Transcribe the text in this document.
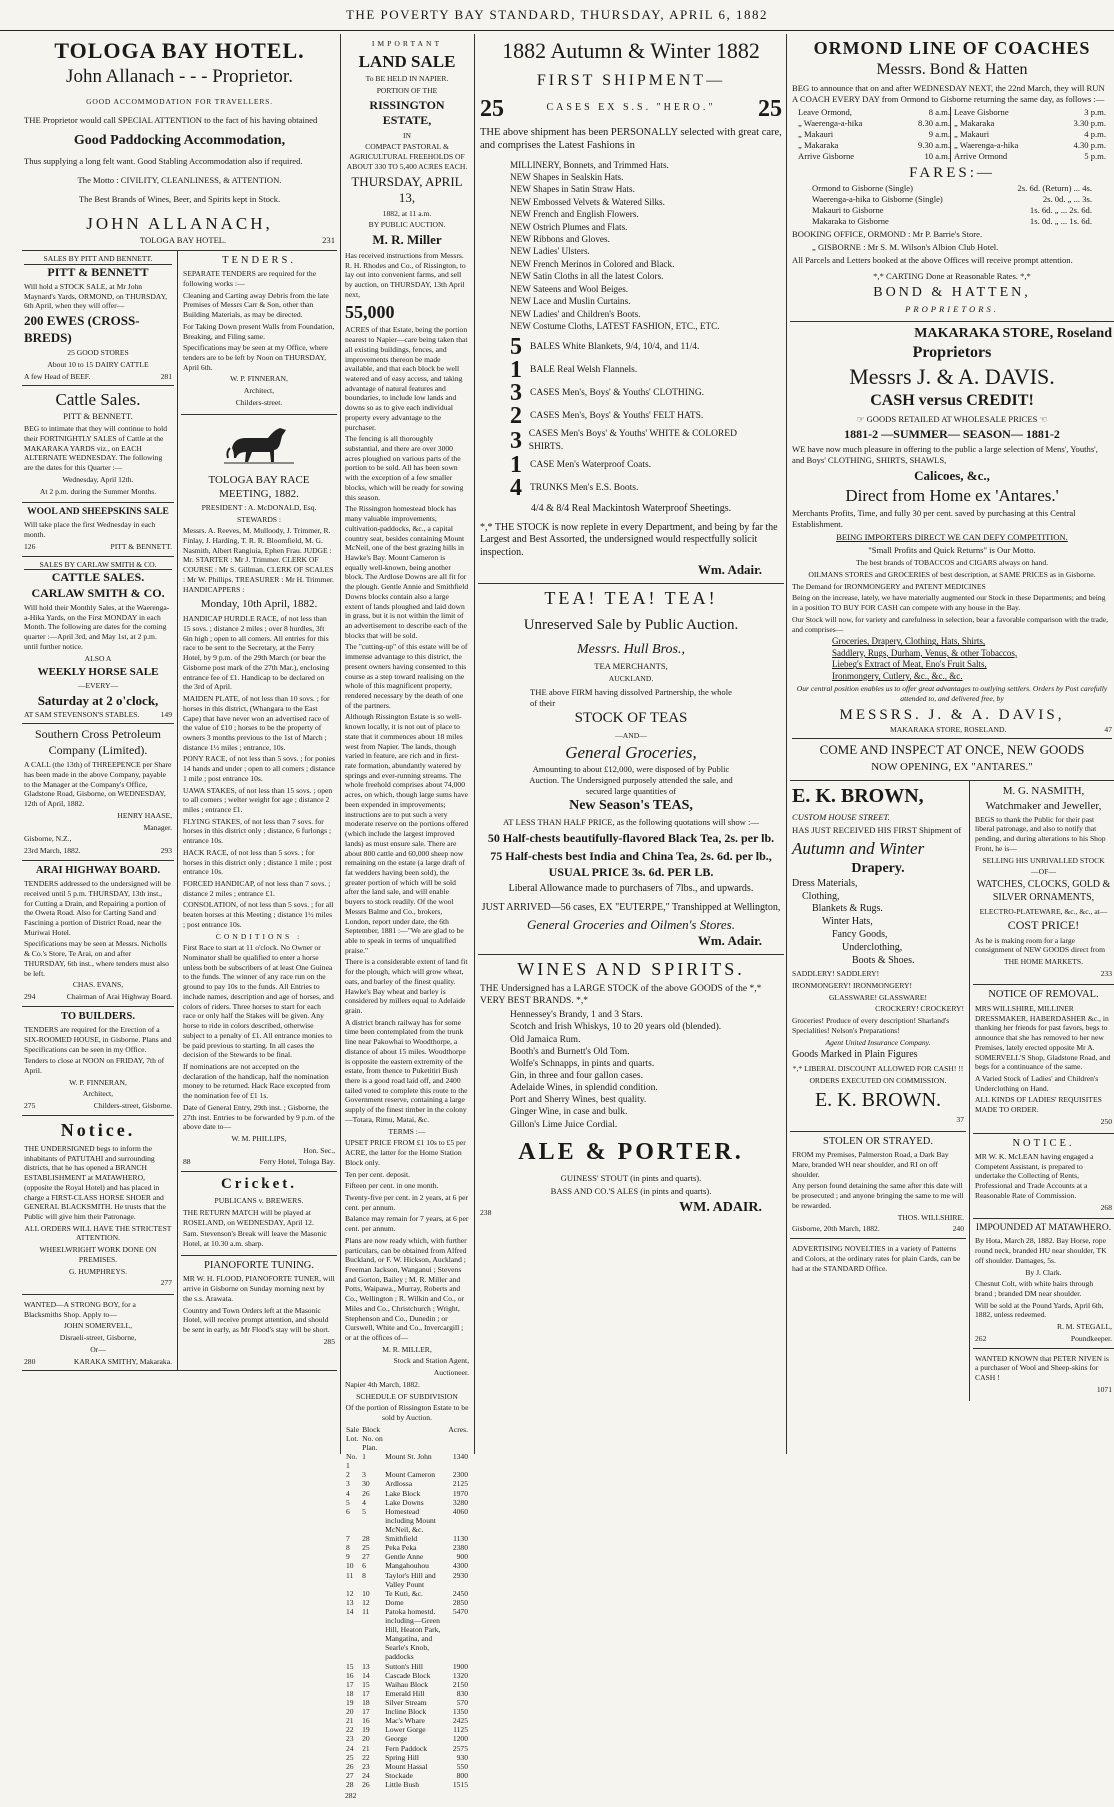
THE POVERTY BAY STANDARD, THURSDAY, APRIL 6, 1882
TOLOGA BAY HOTEL.
John Allanach - - - Proprietor.

GOOD ACCOMMODATION FOR TRAVELLERS.

THE Proprietor would call SPECIAL ATTENTION to the fact of his having obtained

Good Paddocking Accommodation,

Thus supplying a long felt want. Good Stabling Accommodation also if required.

The Motto : CIVILITY, CLEANLINESS, & ATTENTION.

The Best Brands of Wines, Beer, and Spirits kept in Stock.

JOHN ALLANACH,
TOLOGA BAY HOTEL.	231
SALES BY PITT AND BENNETT.
PITT & BENNETT

Will hold a STOCK SALE, at Mr John Maynard's Yards, ORMOND, on THURSDAY, 6th April, when they will offer—

200 EWES (CROSS-BREDS)

25 GOOD STORES

About 10 to 15 DAIRY CATTLE

A few Head of BEEF.	281
Cattle Sales.
PITT & BENNETT.

BEG to intimate that they will continue to hold their FORTNIGHTLY SALES of Cattle at the MAKARAKA YARDS viz., on EACH ALTERNATE WEDNESDAY. The following are the dates for this Quarter :—

Wednesday, April 12th.

At 2 p.m. during the Summer Months.

WOOL AND SHEEPSKINS SALE

Will take place the first Wednesday in each month.

126	PITT & BENNETT.
SALES BY CARLAW SMITH & CO.
CATTLE SALES.
CARLAW SMITH & CO.

Will hold their Monthly Sales, at the Waerenga-a-Hika Yards, on the First MONDAY in each Month. The following are dates for the coming quarter :—April 3rd, and May 1st, at 2 p.m. until further notice.

ALSO A

WEEKLY HORSE SALE

—EVERY—

Saturday at 2 o'clock,
AT SAM STEVENSON'S STABLES.	149
Southern Cross Petroleum Company (Limited).

A CALL (the 13th) of THREEPENCE per Share has been made in the above Company, payable to the Manager at the Company's Office, Gladstone Road, Gisborne, on WEDNESDAY, 12th of April, 1882.

HENRY HAASE,

Manager.

Gisborne, N.Z.,

23rd March, 1882.	293
ARAI HIGHWAY BOARD.

TENDERS addressed to the undersigned will be received until 5 p.m. THURSDAY, 13th inst., for Cutting a Drain, and Repairing a portion of the Oweta Road. Also for Carting Sand and Fascining a portion of District Road, near the Muriwai Hotel.

Specifications may be seen at Messrs. Nicholls & Co.'s Store, Te Arai, on and after THURSDAY, 6th inst., where tenders must also be left.

CHAS. EVANS,

294	Chairman of Arai Highway Board.
TO BUILDERS.

TENDERS are required for the Erection of a SIX-ROOMED HOUSE, in Gisborne. Plans and Specifications can be seen in my Office.

Tenders to close at NOON on FRIDAY, 7th of April.

W. P. FINNERAN,

Architect,

275	Childers-street, Gisborne.
Notice.

THE UNDERSIGNED begs to inform the inhabitants of PATUTAHI and surrounding districts, that he has opened a BRANCH ESTABLISHMENT at MATAWHERO, (opposite the Royal Hotel) and has placed in charge a FIRST-CLASS HORSE SHOER and GENERAL BLACKSMITH. He trusts that the Public will give him their Patronage.

ALL ORDERS WILL HAVE THE STRICTEST ATTENTION.

WHEELWRIGHT WORK DONE ON PREMISES.

G. HUMPHREYS.

277

WANTED—A STRONG BOY, for a Blacksmiths Shop. Apply to—

JOHN SOMERVELL,

Disraeli-street, Gisborne,

Or—

280	KARAKA SMITHY, Makaraka.
TENDERS.

SEPARATE TENDERS are required for the following works :—

Cleaning and Carting away Debris from the late Premises of Messrs Carr & Son, other than Building Materials, as may be directed.

For Taking Down present Walls from Foundation, Breaking, and Filing same.

Specifications may be seen at my Office, where tenders are to be left by Noon on THURSDAY, April 6th.

W. P. FINNERAN,

Architect,

Childers-street.

TOLOGA BAY RACE MEETING, 1882.

PRESIDENT : A. McDONALD, Esq.

STEWARDS :

Messrs. A. Reeves, M. Mulloody, J. Trimmer, R. Finlay, J. Harding, T. R. R. Bloomfield, M. G. Nasmith, Albert Rangiuia, Ephen Frau. JUDGE : Mr. STARTER : Mr J. Trimmer. CLERK OF COURSE : Mr S. Gillman. CLERK OF SCALES : Mr W. Phillips. TREASURER : Mr H. Trimmer. HANDICAPPERS :

Monday, 10th April, 1882.

HANDICAP HURDLE RACE, of not less than 15 sovs. ; distance 2 miles ; over 8 hurdles, 3ft 6in high ; open to all comers. All entries for this race to be sent to the Secretary, at the Ferry Hotel, by 9 p.m. of the 29th March (or bear the Gisborne post mark of the 27th Mar.), enclosing entrance fee of £1. Handicap to be declared on the 3rd of April.

MAIDEN PLATE, of not less than 10 sovs. ; for horses in this district, (Whangara to the East Cape) that have never won an advertised race of the value of £10 ; horses to be the property of owners 3 months previous to the 1st of March ; distance 1½ miles ; entrance, 10s.

PONY RACE, of not less than 5 sovs. ; for ponies 14 hands and under ; open to all comers ; distance 1 mile ; post entrance 10s.

UAWA STAKES, of not less than 15 sovs. ; open to all comers ; welter weight for age ; distance 2 miles ; entrance £1.

FLYING STAKES, of not less than 7 sovs. for horses in this district only ; distance, 6 furlongs ; entrance 10s.

HACK RACE, of not less than 5 sovs. ; for horses in this district only ; distance 1 mile ; post entrance 10s.

FORCED HANDICAP, of not less than 7 sovs. ; distance 2 miles ; entrance £1.

CONSOLATION, of not less than 5 sovs. ; for all beaten horses at this Meeting ; distance 1½ miles ; post entrance 10s.

CONDITIONS :

First Race to start at 11 o'clock. No Owner or Nominator shall be qualified to enter a horse unless both be subscribers of at least One Guinea to the funds. The winner of any race run on the ground to pay 10s to the funds. All Entries to include names, description and age of horses, and colors of riders. Three horses to start for each race or only half the Stakes will be given. Any horse to ride in colors described, otherwise subject to a penalty of £1. All entrance monies to be paid previous to starting. In all cases the decision of the Stewards to be final.

If nominations are not accepted on the declaration of the handicap, half the nomination money to be returned. Hack Race excepted from the nomination fee of £1 1s.

Date of General Entry, 29th inst. ; Gisborne, the 27th inst. Entries to be forwarded by 9 p.m. of the above date to—

W. M. PHILLIPS,

Hon. Sec.,

88	Ferry Hotel, Tologa Bay.
Cricket.

PUBLICANS v. BREWERS.

THE RETURN MATCH will be played at ROSELAND, on WEDNESDAY, April 12.

Sam. Stevenson's Break will leave the Masonic Hotel, at 10.30 a.m. sharp.

PIANOFORTE TUNING.

MR W. H. FLOOD, PIANOFORTE TUNER, will arrive in Gisborne on Sunday morning next by the s.s. Arawata.

Country and Town Orders left at the Masonic Hotel, will receive prompt attention, and should be sent in early, as Mr Flood's stay will be short.

285

IMPORTANT

LAND SALE

To BE HELD IN NAPIER.

PORTION OF THE

RISSINGTON ESTATE,

IN

COMPACT PASTORAL & AGRICULTURAL FREEHOLDS OF ABOUT 330 TO 5,400 ACRES EACH.

THURSDAY, APRIL 13,

1882, at 11 a.m.

BY PUBLIC AUCTION.

M. R. Miller

Has received instructions from Messrs. R. H. Rhodes and Co., of Rissington, to lay out into convenient farms, and sell by auction, on THURSDAY, 13th April next,

55,000

ACRES of that Estate, being the portion nearest to Napier—care being taken that all existing buildings, fences, and improvements thereon be made available, and that each block be well watered and of easy access, and taking advantage of natural features and boundaries, to include low lands and downs so as to give each individual property every advantage to the purchaser.

The fencing is all thoroughly substantial, and there are over 3000 acres ploughed on various parts of the portion to be sold. All has been sown with the exception of a few smaller blocks, which will be ready for sowing this season.

The Rissington homestead block has many valuable improvements, cultivation-paddocks, &c., a capital country seat, besides containing Mount McNeil, one of the best grazing hills in Hawke's Bay. Mount Cameron is equally well-known, being another block. The Ardlose Downs are all fit for the plough. Gentle Annie and Smithfield Downs blocks contain also a large extent of lands ploughed and laid down in grass, but it is not within the limit of an advertisement to describe each of the blocks that will be sold.

The "cutting-up" of this estate will be of immense advantage to this district, the present owners having consented to this course as a step toward realising on the whole of this magnificent property, rendered necessary by the death of one of the partners.

Although Rissington Estate is so well-known locally, it is not out of place to state that it commences about 18 miles west from Napier. The lands, though varied in feature, are rich and in first-rate formation, abundantly watered by springs and ever-running streams. The whole freehold comprises about 74,000 acres, on which, though large sums have been expended in improvements; instructions are to put such a very moderate reserve on the portions offered (which include the largest improved lands) as must ensure sale. There are about 800 cattle and 60,000 sheep now remaining on the estate (a large draft of fat wedders having been sold), the greater portion of which will be sold after the land sale, and will enable buyers to stock readily. Of the wool Messrs Balme and Co., brokers, London, report under date, the 6th September, 1881 :—"We are glad to be able to speak in terms of unqualified praise."

There is a considerable extent of land fit for the plough, which will grow wheat, oats, and barley of the finest quality. Hawke's Bay wheat and barley is considered by millers equal to Adelaide grain.

A district branch railway has for some time been contemplated from the trunk line near Pakowhai to Woodthorpe, a distance of about 15 miles. Woodthorpe is opposite the eastern extremity of the estate, from thence to Puketitiri Bush there is a good road laid off, and 2400 tailed voted to complete this route to the Government reserve, containing a large supply of the finest timber in the colony—Totara, Rimu, Matai, &c.

TERMS :—

UPSET PRICE FROM £1 10s to £5 per ACRE, the latter for the Home Station Block only.

Ten per cent. deposit.

Fifteen per cent. in one month.

Twenty-five per cent. in 2 years, at 6 per cent. per annum.

Balance may remain for 7 years, at 6 per cent. per annum.

Plans are now ready which, with further particulars, can be obtained from Alfred Buckland, or F. W. Hickson, Auckland ; Freeman Jackson, Wanganui ; Stevens and Gorton, Bailey ; M. R. Miller and Potts, Waipawa., Murray, Roberts and Co., Wellington ; R. Wilkin and Co., or Miles and Co., Christchurch ; Wright, Stephenson and Co., Dunedin ; or Curswell, White and Co., Invercargill ; or at the offices of—

M. R. MILLER,

Stock and Station Agent,

Auctioneer.

Napier 4th March, 1882.

SCHEDULE OF SUBDIVISION

Of the portion of Rissington Estate to be sold by Auction.

Sale Lot.	Block No. on Plan.		Acres.
No. 1	1	Mount St. John	1340
2	3	Mount Cameron	2300
3	30	Ardlossa	2125
4	26	Lake Block	1970
5	4	Lake Downs	3280
6	5	Homestead including Mount McNeil, &c.	4060
7	28	Smithfield	1130
8	25	Peka Peka	2380
9	27	Gentle Anne	900
10	6	Mangahouhou	4300
11	8	Taylor's Hill and Valley Pount	2930
12	10	Te Kuti, &c.	2450
13	12	Dome	2850
14	11	Patoka homestd. including—Green Hill, Heaton Park, Mangatina, and Searle's Knob, paddocks	5470
15	13	Sutton's Hill	1900
16	14	Cascade Block	1320
17	15	Waihau Block	2150
18	17	Emerald Hill	830
19	18	Silver Stream	570
20	17	Incline Block	1350
21	16	Mac's Whare	2425
22	19	Lower Gorge	1125
23	20	George	1200
24	21	Fern Paddock	2575
25	22	Spring Hill	930
26	23	Mount Hassal	550
27	24	Stockade	800
28	26	Little Bush	1515

282

1882 Autumn & Winter 1882
FIRST SHIPMENT—
25	CASES EX S.S. "HERO." 25

THE above shipment has been PERSONALLY selected with great care, and comprises the Latest Fashions in

MILLINERY, Bonnets, and Trimmed Hats.
NEW Shapes in Sealskin Hats.
NEW Shapes in Satin Straw Hats.
NEW Embossed Velvets & Watered Silks.
NEW French and English Flowers.
NEW Ostrich Plumes and Flats.
NEW Ribbons and Gloves.
NEW Ladies' Ulsters.
NEW French Merinos in Colored and Black.
NEW Satin Cloths in all the latest Colors.
NEW Sateens and Wool Beiges.
NEW Lace and Muslin Curtains.
NEW Ladies' and Children's Boots.
NEW Costume Cloths, LATEST FASHION, ETC., ETC.
5 BALES White Blankets, 9/4, 10/4, and 11/4.
1 BALE Real Welsh Flannels.
3 CASES Men's, Boys' & Youths' CLOTHING.
2 CASES Men's, Boys' & Youths' FELT HATS.
3 CASES Men's Boys' & Youths' WHITE & COLORED SHIRTS.
1 CASE Men's Waterproof Coats.
4 TRUNKS Men's E.S. Boots.

4/4 & 8/4 Real Mackintosh Waterproof Sheetings.

*,* THE STOCK is now replete in every Department, and being by far the Largest and Best Assorted, the undersigned would respectfully solicit inspection.

Wm. Adair.
TEA! TEA! TEA!
Unreserved Sale by Public Auction.
Messrs. Hull Bros.,

TEA MERCHANTS,

AUCKLAND.

THE above FIRM having dissolved Partnership, the whole of their

STOCK OF TEAS

—AND—

General Groceries,

Amounting to about £12,000, were disposed of by Public Auction. The Undersigned purposely attended the sale, and secured large quantities of

New Season's TEAS,

AT LESS THAN HALF PRICE, as the following quotations will show :—

50 Half-chests beautifully-flavored Black Tea, 2s. per lb.
75 Half-chests best India and China Tea, 2s. 6d. per lb., USUAL PRICE 3s. 6d. PER LB.

Liberal Allowance made to purchasers of 7lbs., and upwards.

JUST ARRIVED—56 cases, EX "EUTERPE," Transhipped at Wellington,

General Groceries and Oilmen's Stores.
Wm. Adair.
WINES AND SPIRITS.

THE Undersigned has a LARGE STOCK of the above GOODS of the *,* VERY BEST BRANDS. *,*

Hennessey's Brandy, 1 and 3 Stars.
Scotch and Irish Whiskys, 10 to 20 years old (blended).
Old Jamaica Rum.
Booth's and Burnett's Old Tom.
Wolfe's Schnapps, in pints and quarts.
Gin, in three and four gallon cases.
Adelaide Wines, in splendid condition.
Port and Sherry Wines, best quality.
Ginger Wine, in case and bulk.
Gillon's Lime Juice Cordial.
ALE & PORTER.

GUINESS' STOUT (in pints and quarts).

BASS AND CO.'S ALES (in pints and quarts).

238	WM. ADAIR.
ORMOND LINE OF COACHES
Messrs. Bond & Hatten

BEG to announce that on and after WEDNESDAY NEXT, the 22nd March, they will RUN A COACH EVERY DAY from Ormond to Gisborne returning the same day, as follows :—

Leave Ormond,	8 a.m.
„ Waerenga-a-hika	8.30 a.m.
„ Makauri	9 a.m.
„ Makaraka	9.30 a.m.
Arrive Gisborne	10 a.m.
Leave Gisborne	3 p.m.
„ Makaraka	3.30 p.m.
„ Makauri	4 p.m.
„ Waerenga-a-hika	4.30 p.m.
Arrive Ormond	5 p.m.
FARES:—
Ormond to Gisborne (Single)	2s. 6d. (Return) ... 4s.
Waerenga-a-hika to Gisborne (Single)	2s. 0d. „ ... 3s.
Makauri to Gisborne	1s. 6d. „ ... 2s. 6d.
Makaraka to Gisborne	1s. 0d. „ ... 1s. 6d.

BOOKING OFFICE, ORMOND : Mr P. Barrie's Store.

„ GISBORNE : Mr S. M. Wilson's Albion Club Hotel.

All Parcels and Letters booked at the above Offices will receive prompt attention.

*,* CARTING Done at Reasonable Rates. *,*

BOND & HATTEN,

PROPRIETORS.

MAKARAKA STORE, Roseland
Proprietors
Messrs J. & A. DAVIS.
CASH versus CREDIT!

☞ GOODS RETAILED AT WHOLESALE PRICES ☜

1881-2 —SUMMER— SEASON— 1881-2

WE have now much pleasure in offering to the public a large selection of Mens', Youths', and Boys' CLOTHING, SHIRTS, SHAWLS,

Calicoes, &c.,
Direct from Home ex 'Antares.'

Merchants Profits, Time, and fully 30 per cent. saved by purchasing at this Central Establishment.

BEING IMPORTERS DIRECT WE CAN DEFY COMPETITION.

"Small Profits and Quick Returns" is Our Motto.

The best brands of TOBACCOS and CIGARS always on hand.

OILMANS STORES and GROCERIES of best description, at SAME PRICES as in Gisborne.

The Demand for IRONMONGERY and PATENT MEDICINES

Being on the increase, lately, we have materially augmented our Stock in these Departments; and being in a position TO BUY FOR CASH can compete with any house in the Bay.

Our Stock will now, for variety and carefulness in selection, bear a favorable comparison with the trade, and comprises—

Groceries, Drapery, Clothing, Hats, Shirts,
Saddlery, Rugs, Durham, Venus, & other Tobaccos,
Liebeg's Extract of Meat, Eno's Fruit Salts,
Ironmongery, Cutlery, &c., &c., &c.

Our central position enables us to offer great advantages to outlying settlers. Orders by Post carefully attended to, and delivered free, by

MESSRS. J. & A. DAVIS,
MAKARAKA STORE, ROSELAND.	47
COME AND INSPECT AT ONCE, NEW GOODS

NOW OPENING, EX "ANTARES."

E. K. BROWN,

CUSTOM HOUSE STREET.

HAS JUST RECEIVED HIS FIRST Shipment of

Autumn and Winter
Drapery.
Dress Materials,
Clothing,
Blankets & Rugs.
Winter Hats,
Fancy Goods,
Underclothing,
Boots & Shoes.

SADDLERY! SADDLERY!

IRONMONGERY! IRONMONGERY!

GLASSWARE! GLASSWARE!

CROCKERY! CROCKERY!

Groceries! Produce of every description! Sharland's Specialities! Nelson's Preparations!

Agent United Insurance Company.

Goods Marked in Plain Figures

*,* LIBERAL DISCOUNT ALLOWED FOR CASH! !!

ORDERS EXECUTED ON COMMISSION.

E. K. BROWN.

37

STOLEN OR STRAYED.

FROM my Premises, Palmerston Road, a Dark Bay Mare, branded WH near shoulder, and RI on off shoulder.

Any person found detaining the same after this date will be prosecuted ; and anyone bringing the same to me will be rewarded.

THOS. WILLSHIRE.

Gisborne, 20th March, 1882.	240

ADVERTISING NOVELTIES in a variety of Patterns and Colors, at the ordinary rates for plain Cards, can be had at the STANDARD Office.

M. G. NASMITH,
Watchmaker and Jeweller,

BEGS to thank the Public for their past liberal patronage, and also to notify that pending, and during alterations to his Shop Front, he is—

SELLING HIS UNRIVALLED STOCK

—OF—

WATCHES, CLOCKS, GOLD & SILVER ORNAMENTS,

ELECTRO-PLATEWARE, &c., &c., at—

COST PRICE!

As he is making room for a large consignment of NEW GOODS direct from

THE HOME MARKETS.

233

NOTICE OF REMOVAL.

MRS WILLSHIRE, MILLINER DRESSMAKER, HABERDASHER &c., in thanking her friends for past favors, begs to announce that she has removed to her new Premises, lately erected opposite Mr A. SOMERVELL'S Shop, Gladstone Road, and begs for a continuance of the same.

A Varied Stock of Ladies' and Children's Underclothing on Hand.

ALL KINDS OF LADIES' REQUISITES MADE TO ORDER.

250

NOTICE.

MR W. K. McLEAN having engaged a Competent Assistant, is prepared to undertake the Collecting of Rents, Professional and Trade Accounts at a Reasonable Rate of Commission.

268

IMPOUNDED AT MATAWHERO.

By Hota, March 28, 1882. Bay Horse, rope round neck, branded HU near shoulder, TK off shoulder. Damages, 5s.

By J. Clark.

Chesnut Colt, with white hairs through brand ; branded DM near shoulder.

Will be sold at the Pound Yards, April 6th, 1882, unless redeemed.

R. M. STEGALL,

262	Poundkeeper.

WANTED KNOWN that PETER NIVEN is a purchaser of Wool and Sheep-skins for CASH !

1071
